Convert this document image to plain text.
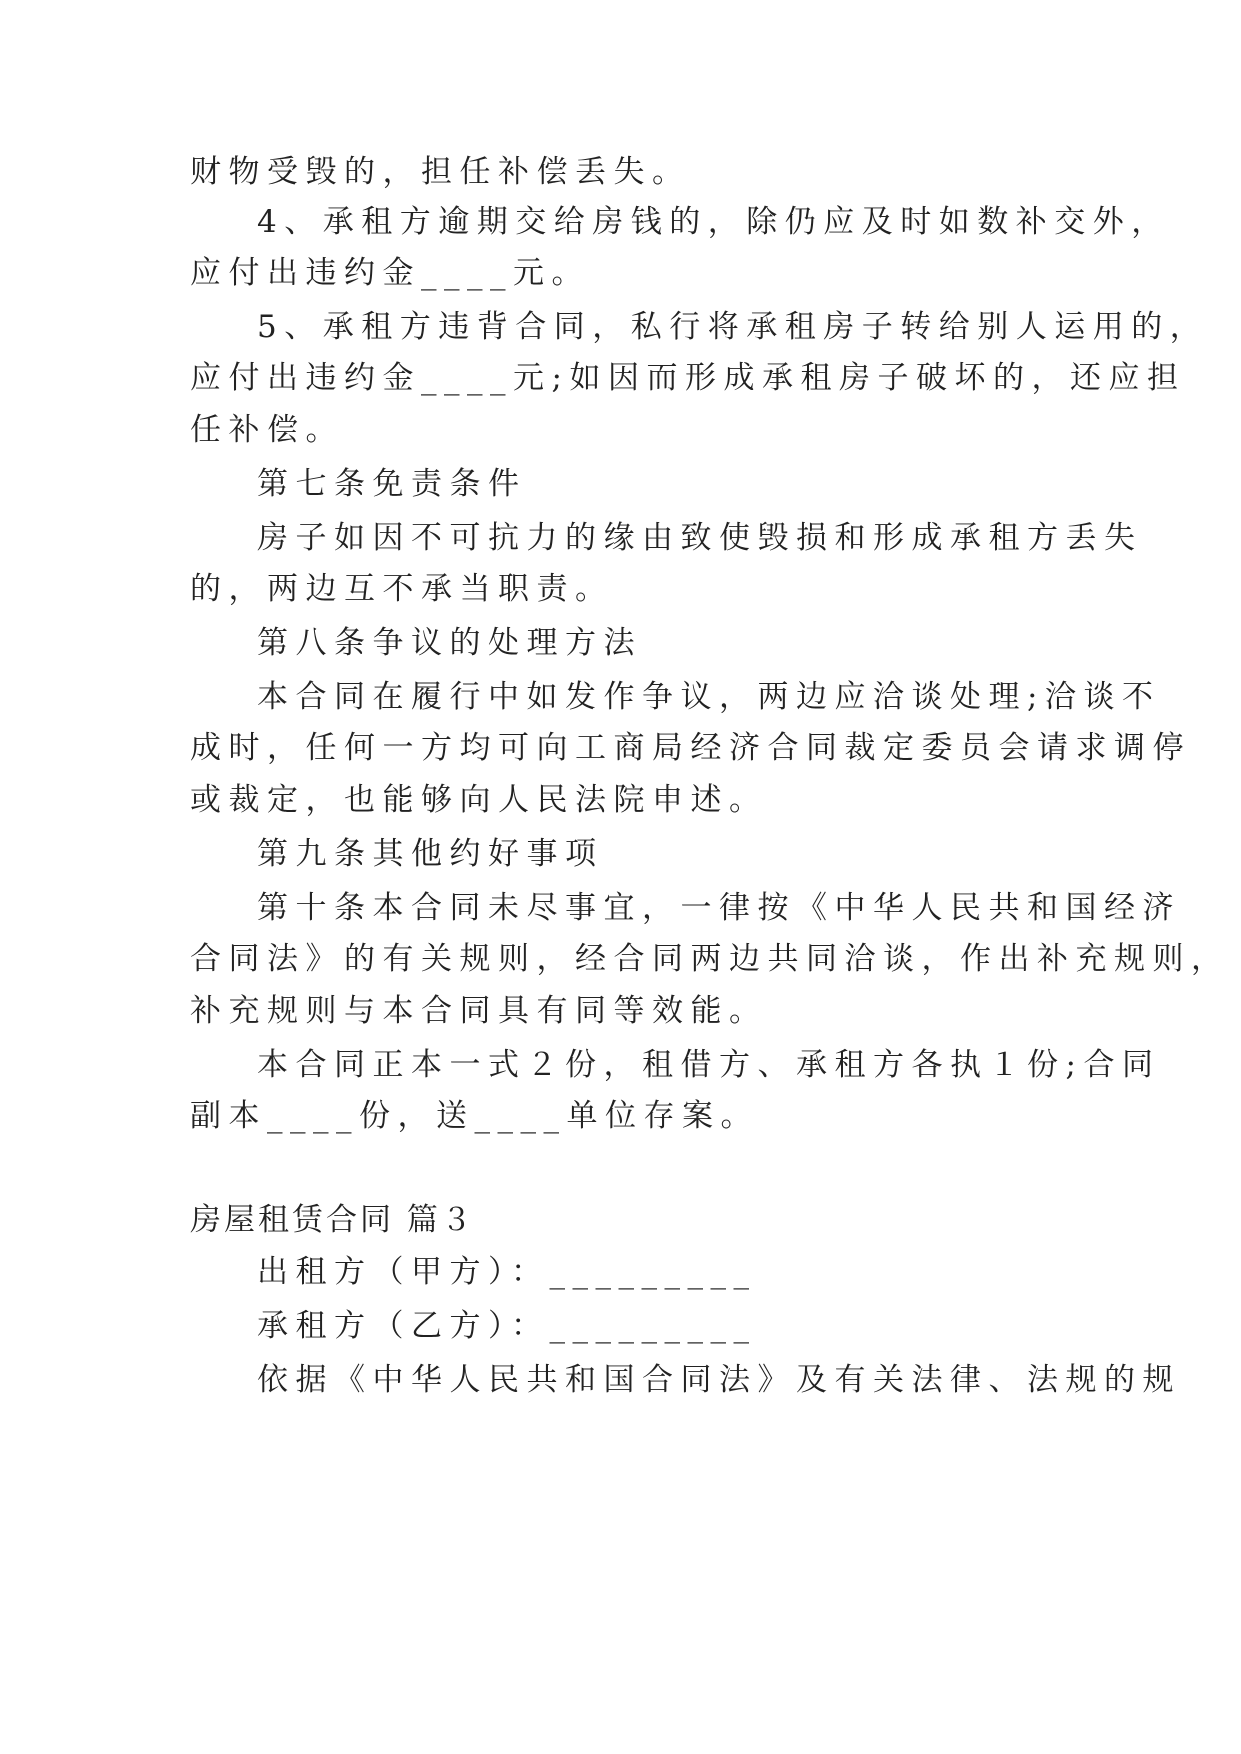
财物受毁的，担任补偿丢失。
4、承租方逾期交给房钱的，除仍应及时如数补交外，
应付出违约金____元。
5、承租方违背合同，私行将承租房子转给别人运用的，
应付出违约金____元;如因而形成承租房子破坏的，还应担
任补偿。
第七条免责条件
房子如因不可抗力的缘由致使毁损和形成承租方丢失
的，两边互不承当职责。
第八条争议的处理方法
本合同在履行中如发作争议，两边应洽谈处理;洽谈不
成时，任何一方均可向工商局经济合同裁定委员会请求调停
或裁定，也能够向人民法院申述。
第九条其他约好事项
第十条本合同未尽事宜，一律按《中华人民共和国经济
合同法》的有关规则，经合同两边共同洽谈，作出补充规则，
补充规则与本合同具有同等效能。
本合同正本一式２份，租借方、承租方各执１份;合同
副本____份，送____单位存案。
房屋租赁合同 篇３
出租方（甲方）：_________
承租方（乙方）：_________
依据《中华人民共和国合同法》及有关法律、法规的规
